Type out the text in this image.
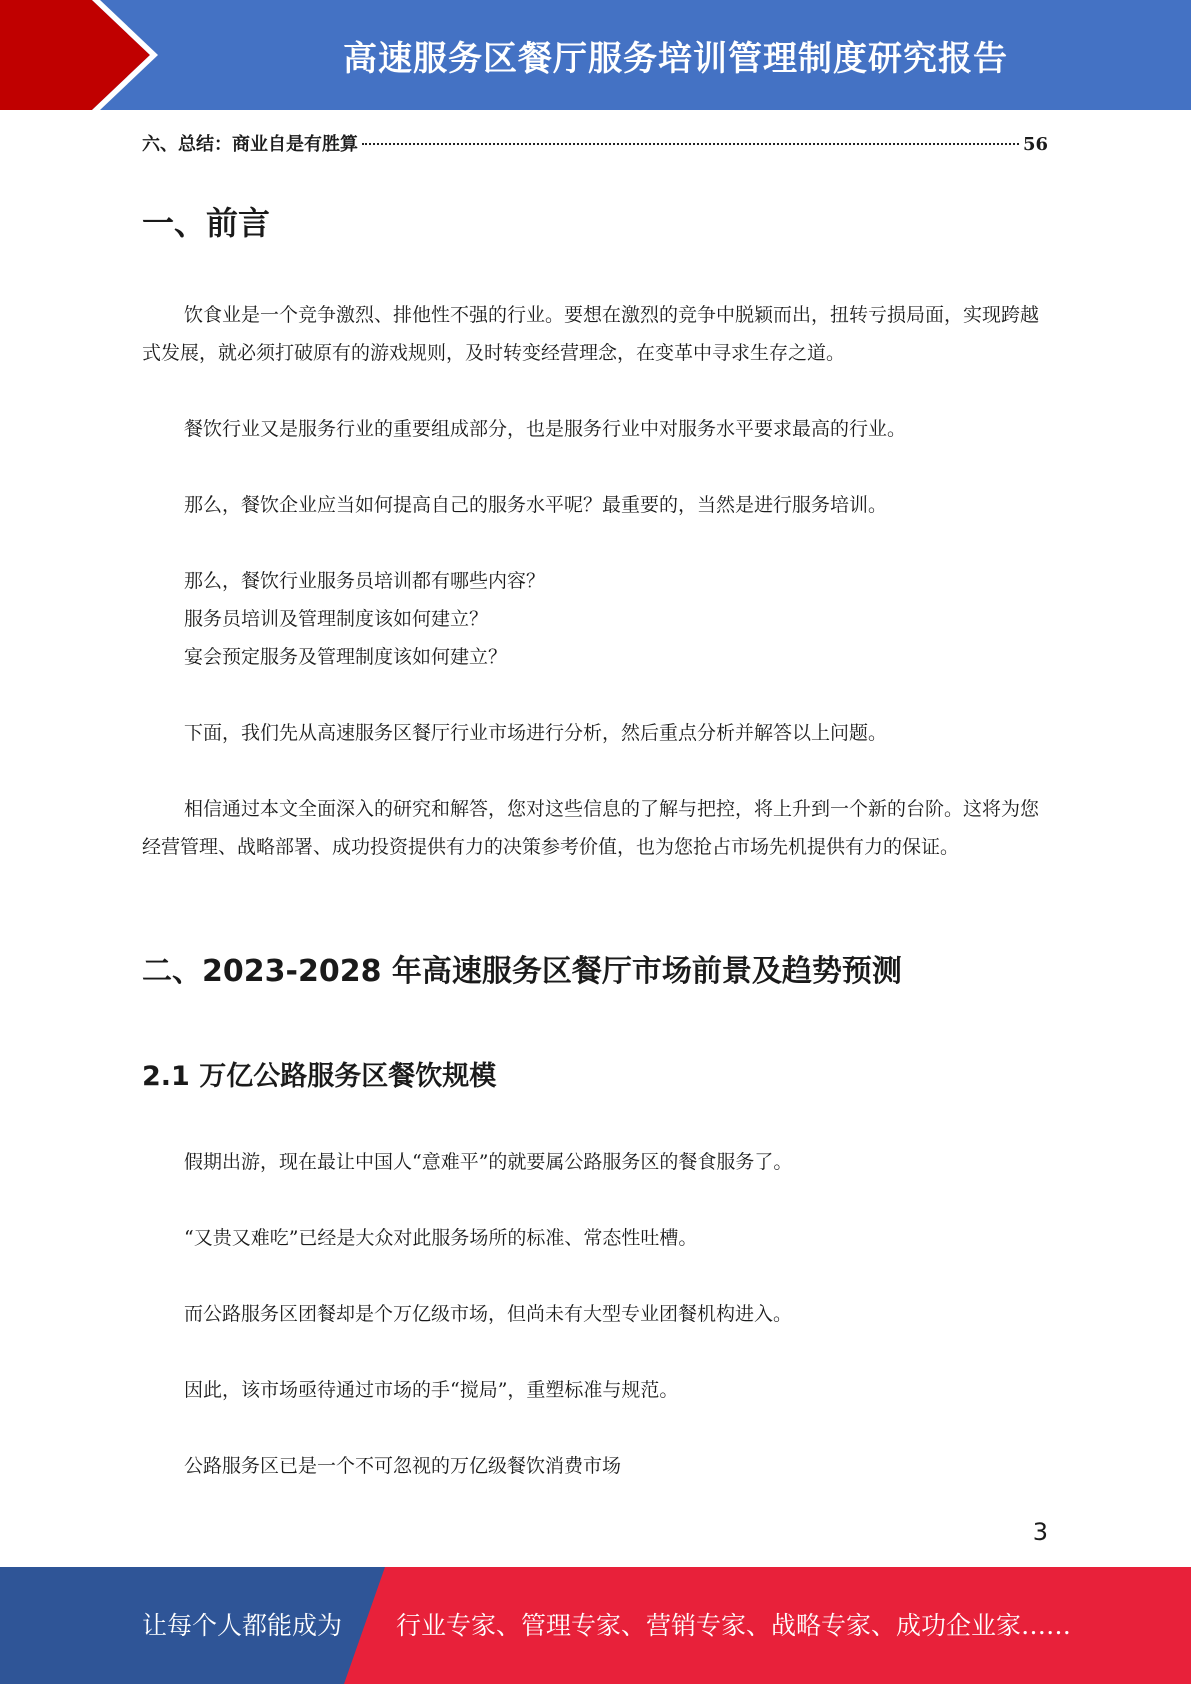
高速服务区餐厅服务培训管理制度研究报告
六、总结：商业自是有胜算	56
一、前言
饮食业是一个竞争激烈、排他性不强的行业。要想在激烈的竞争中脱颖而出，扭转亏损局面，实现跨越式发展，就必须打破原有的游戏规则，及时转变经营理念，在变革中寻求生存之道。
餐饮行业又是服务行业的重要组成部分，也是服务行业中对服务水平要求最高的行业。
那么，餐饮企业应当如何提高自己的服务水平呢？最重要的，当然是进行服务培训。
那么，餐饮行业服务员培训都有哪些内容？
服务员培训及管理制度该如何建立？
宴会预定服务及管理制度该如何建立？
下面，我们先从高速服务区餐厅行业市场进行分析，然后重点分析并解答以上问题。
相信通过本文全面深入的研究和解答，您对这些信息的了解与把控，将上升到一个新的台阶。这将为您经营管理、战略部署、成功投资提供有力的决策参考价值，也为您抢占市场先机提供有力的保证。
二、2023-2028 年高速服务区餐厅市场前景及趋势预测
2.1 万亿公路服务区餐饮规模
假期出游，现在最让中国人“意难平”的就要属公路服务区的餐食服务了。
“又贵又难吃”已经是大众对此服务场所的标准、常态性吐槽。
而公路服务区团餐却是个万亿级市场，但尚未有大型专业团餐机构进入。
因此，该市场亟待通过市场的手“搅局”，重塑标准与规范。
公路服务区已是一个不可忽视的万亿级餐饮消费市场
3
让每个人都能成为 行业专家、管理专家、营销专家、战略专家、成功企业家……
